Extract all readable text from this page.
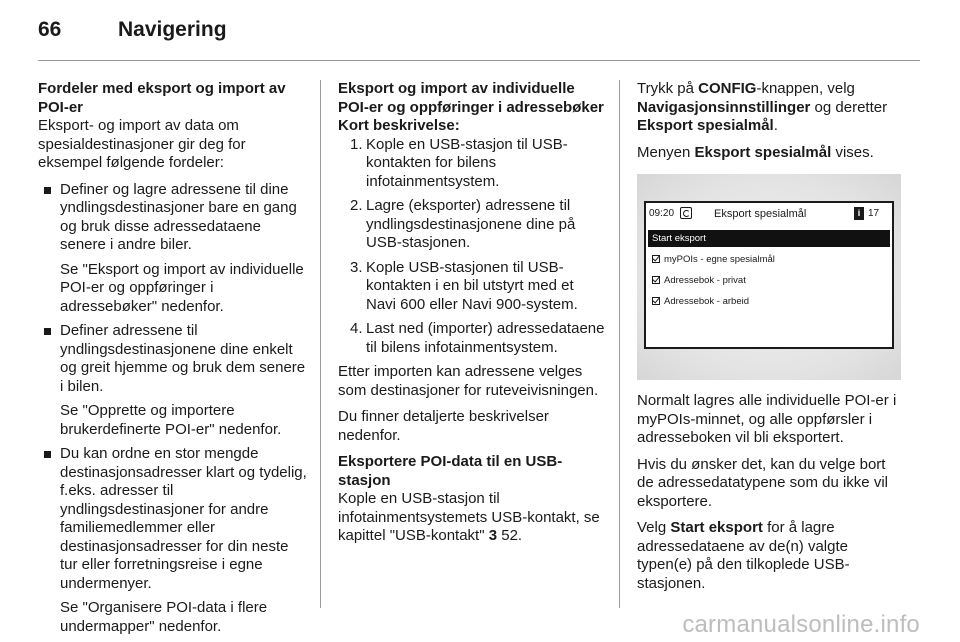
66	Navigering
Fordeler med eksport og import av POI-er

Eksport- og import av data om spesialdestinasjoner gir deg for eksempel følgende fordeler:

Definer og lagre adressene til dine yndlingsdestinasjoner bare en gang og bruk disse adressedataene senere i andre biler.

Se "Eksport og import av individuelle POI-er og oppføringer i adressebøker" nedenfor.

Definer adressene til yndlingsdestinasjonene dine enkelt og greit hjemme og bruk dem senere i bilen.

Se "Opprette og importere brukerdefinerte POI-er" nedenfor.

Du kan ordne en stor mengde destinasjonsadresser klart og tydelig, f.eks. adresser til yndlingsdestinasjoner for andre familiemedlemmer eller destinasjonsadresser for din neste tur eller forretningsreise i egne undermenyer.

Se "Organisere POI-data i flere undermapper" nedenfor.

Eksport og import av individuelle POI-er og oppføringer i adressebøker
Kort beskrivelse:
1. Kople en USB-stasjon til USB-kontakten for bilens infotainmentsystem.
2. Lagre (eksporter) adressene til yndlingsdestinasjonene dine på USB-stasjonen.
3. Kople USB-stasjonen til USB-kontakten i en bil utstyrt med et Navi 600 eller Navi 900-system.
4. Last ned (importer) adressedataene til bilens infotainmentsystem.

Etter importen kan adressene velges som destinasjoner for ruteveivisningen.

Du finner detaljerte beskrivelser nedenfor.

Eksportere POI-data til en USB-stasjon

Kople en USB-stasjon til infotainmentsystemets USB-kontakt, se kapittel "USB-kontakt" 3 52.

Trykk på CONFIG-knappen, velg Navigasjonsinnstillinger og deretter Eksport spesialmål.

Menyen Eksport spesialmål vises.

09:20	Eksport spesialmål	i 17
Start eksport
myPOIs - egne spesialmål
Adressebok - privat
Adressebok - arbeid

Normalt lagres alle individuelle POI-er i myPOIs-minnet, og alle oppførsler i adresseboken vil bli eksportert.

Hvis du ønsker det, kan du velge bort de adressedatatypene som du ikke vil eksportere.

Velg Start eksport for å lagre adressedataene av de(n) valgte typen(e) på den tilkoplede USB-stasjonen.

carmanualsonline.info
